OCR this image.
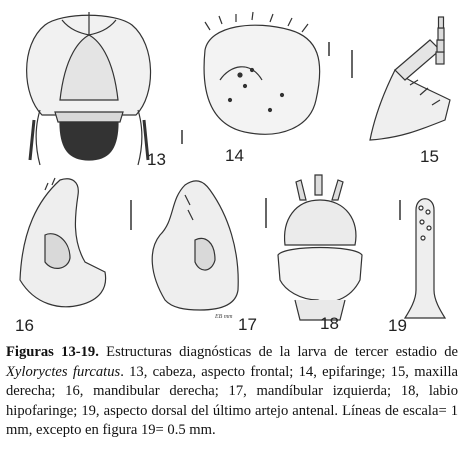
EB mm
13	14	15
16	17	18	19

Figuras 13-19. Estructuras diagnósticas de la larva de tercer estadio de Xyloryctes furcatus. 13, cabeza, aspecto frontal; 14, epifaringe; 15, maxilla derecha; 16, mandibular derecha; 17, mandíbular izquierda; 18, labio hipofaringe; 19, aspecto dorsal del último artejo antenal. Líneas de escala= 1 mm, excepto en figura 19= 0.5 mm.
